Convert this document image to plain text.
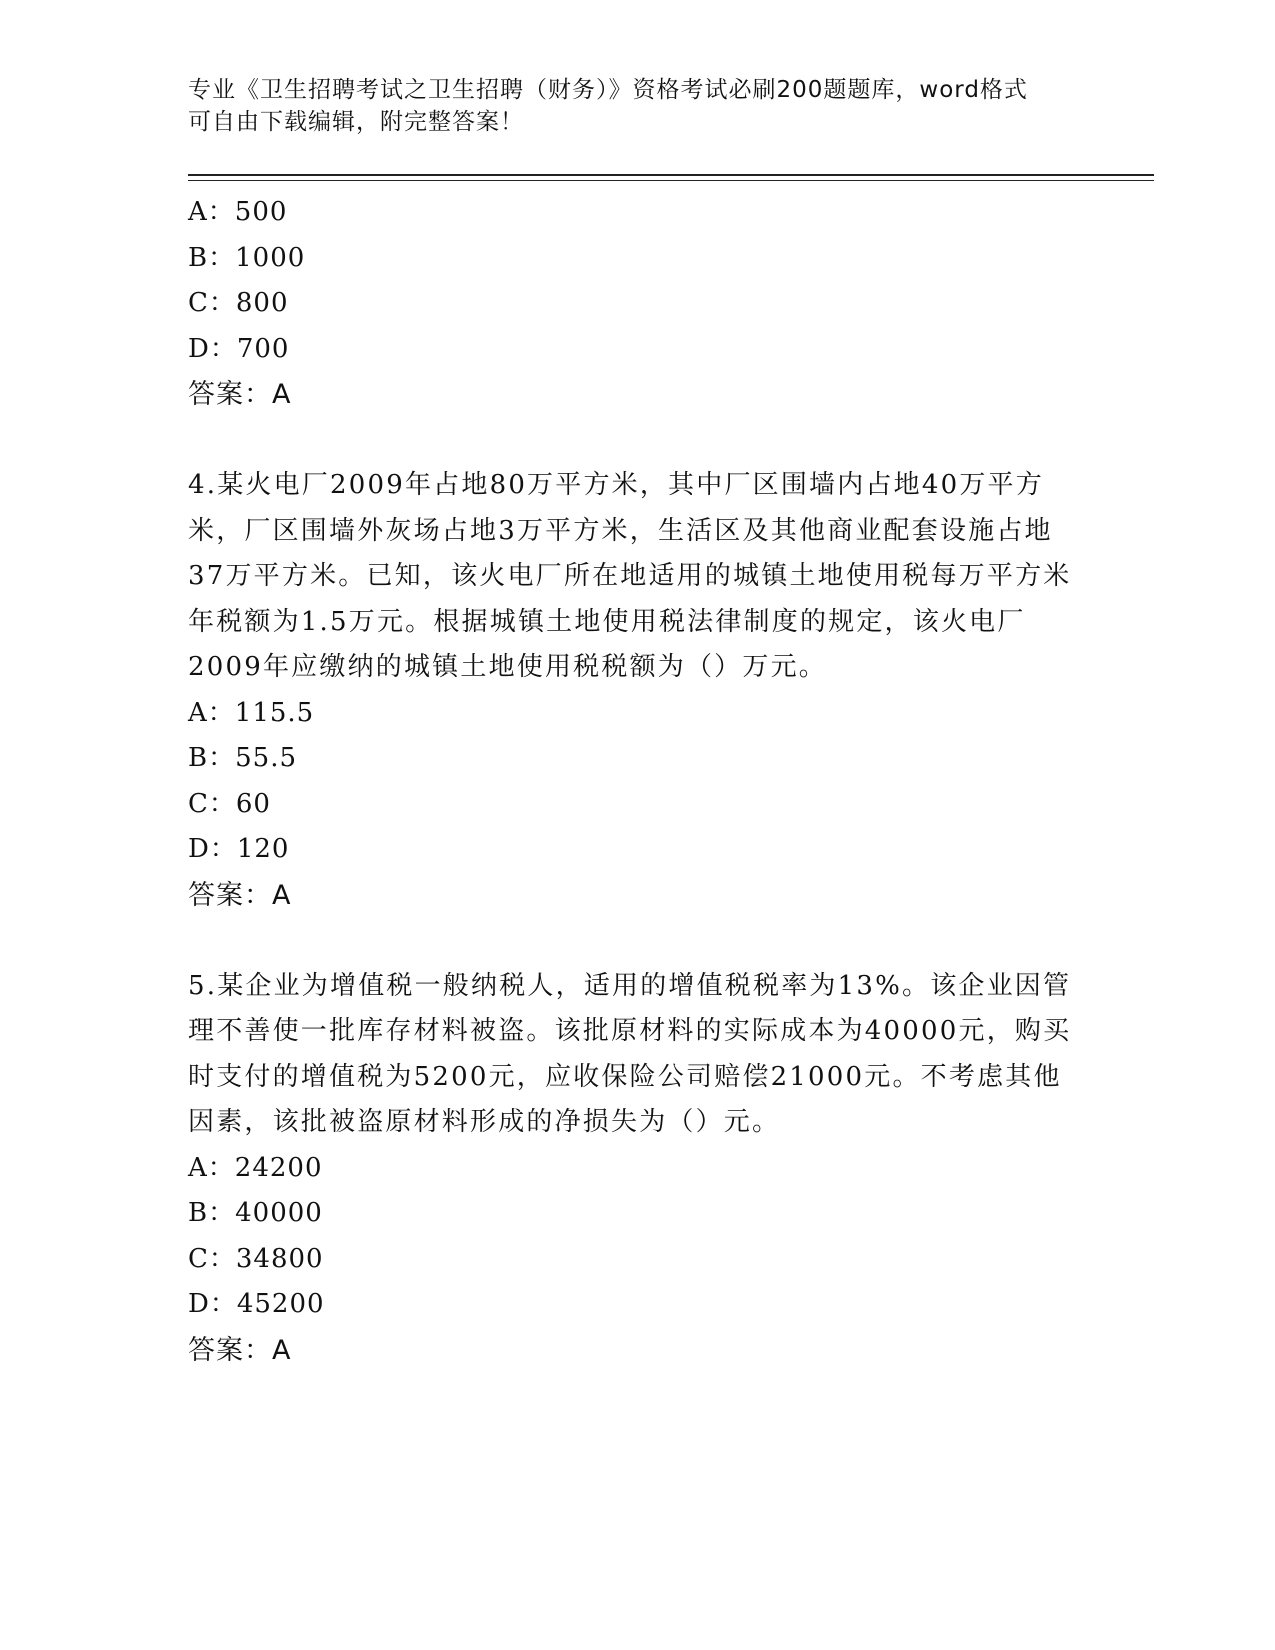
专业《卫生招聘考试之卫生招聘（财务）》资格考试必刷200题题库，word格式
可自由下载编辑，附完整答案！
A：500
B：1000
C：800
D：700
答案：A
4.某火电厂2009年占地80万平方米，其中厂区围墙内占地40万平方米，厂区围墙外灰场占地3万平方米，生活区及其他商业配套设施占地37万平方米。已知，该火电厂所在地适用的城镇土地使用税每万平方米年税额为1.5万元。根据城镇土地使用税法律制度的规定，该火电厂2009年应缴纳的城镇土地使用税税额为（）万元。
A：115.5
B：55.5
C：60
D：120
答案：A
5.某企业为增值税一般纳税人，适用的增值税税率为13%。该企业因管理不善使一批库存材料被盗。该批原材料的实际成本为40000元，购买时支付的增值税为5200元，应收保险公司赔偿21000元。不考虑其他因素，该批被盗原材料形成的净损失为（）元。
A：24200
B：40000
C：34800
D：45200
答案：A
